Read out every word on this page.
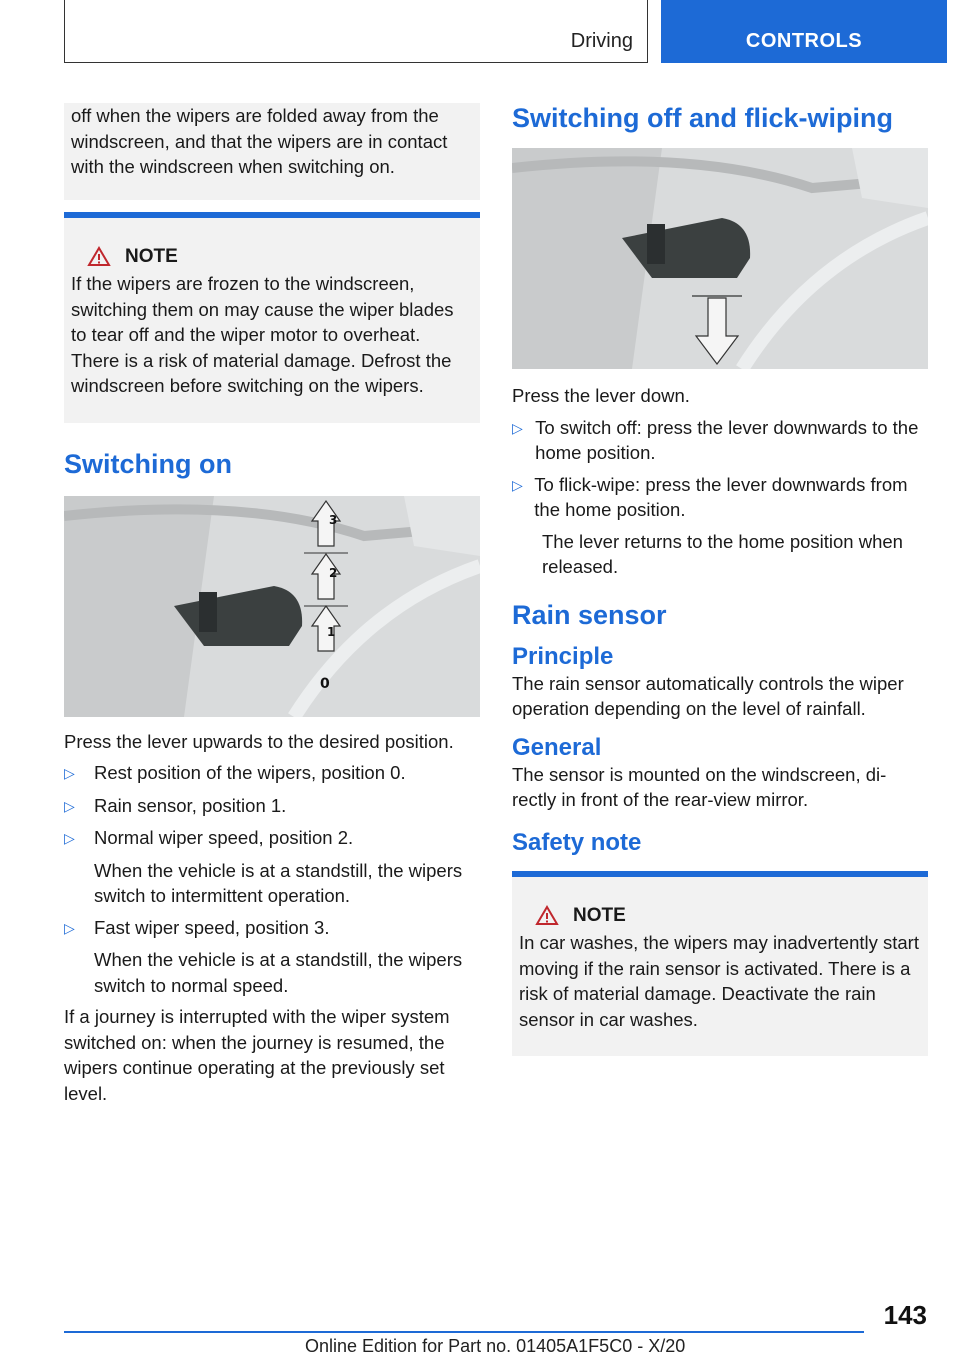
Driving	CONTROLS

off when the wipers are folded away from the windscreen, and that the wipers are in contact with the windscreen when switching on.

NOTE

If the wipers are frozen to the windscreen, switching them on may cause the wiper blades to tear off and the wiper motor to overheat. There is a risk of material damage. Defrost the windscreen before switching on the wipers.

Switching on
3
2
1
0

Press the lever upwards to the desired position.

▷	Rest position of the wipers, position 0.
▷	Rain sensor, position 1.
▷	Normal wiper speed, position 2.

When the vehicle is at a standstill, the wipers switch to intermittent operation.

▷	Fast wiper speed, position 3.

When the vehicle is at a standstill, the wipers switch to normal speed.

If a journey is interrupted with the wiper system switched on: when the journey is resumed, the wipers continue operating at the previously set level.

Switching off and flick-wiping

Press the lever down.

▷ To switch off: press the lever downwards to the home position.
▷ To flick-wipe: press the lever downwards from the home position.

The lever returns to the home position when released.

Rain sensor
Principle

The rain sensor automatically controls the wiper operation depending on the level of rainfall.

General

The sensor is mounted on the windscreen, di-rectly in front of the rear-view mirror.

Safety note
NOTE

In car washes, the wipers may inadvertently start moving if the rain sensor is activated. There is a risk of material damage. Deactivate the rain sensor in car washes.

143
Online Edition for Part no. 01405A1F5C0 - X/20
